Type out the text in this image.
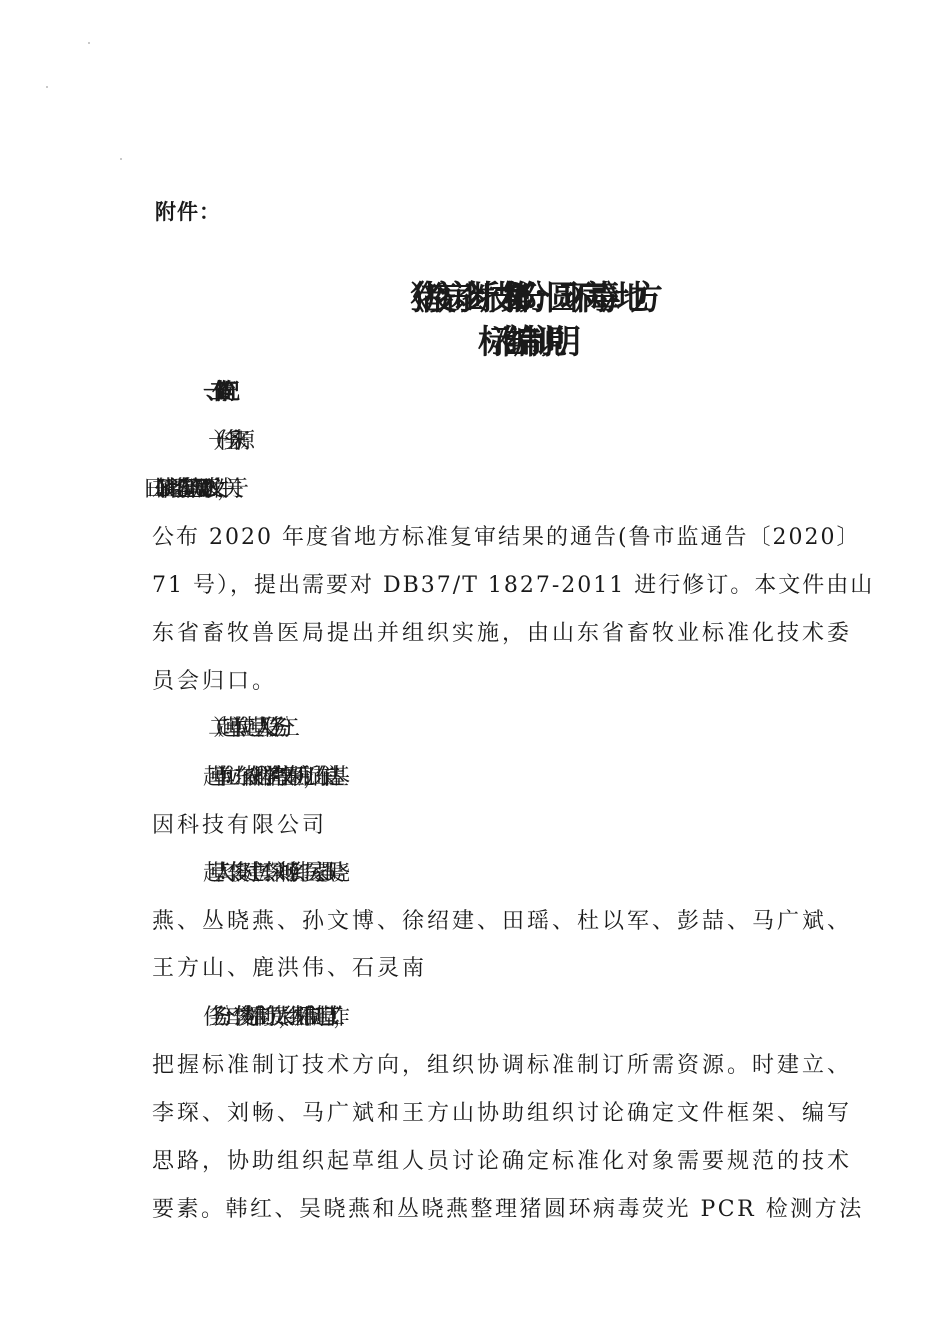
附件：
《猪疫病诊断技术 第 1 部分：圆环病毒》地方
标准编制说明
一、工作简况
（一）任务来源
2020 年 8 月 31 日山东省市场监督管理局下发文件，关于
公布 2020 年度省地方标准复审结果的通告(鲁市监通告〔2020〕
71 号），提出需要对 DB37/T 1827-2011 进行修订。本文件由山
东省畜牧兽医局提出并组织实施，由山东省畜牧业标准化技术委
员会归口。
（二）起草单位、起草人及任务分工
起草单位：山东省农业科学院畜牧兽医研究所，山东信达基
因科技有限公司
起草人：李俊、时建立、李琛、刘畅、韩红、吴家强、吴晓
燕、丛晓燕、孙文博、徐绍建、田瑶、杜以军、彭喆、马广斌、
王方山、鹿洪伟、石灵南
任务分工：李俊为标准制订负责人，组织标准制订起草工作，
把握标准制订技术方向，组织协调标准制订所需资源。时建立、
李琛、刘畅、马广斌和王方山协助组织讨论确定文件框架、编写
思路，协助组织起草组人员讨论确定标准化对象需要规范的技术
要素。韩红、吴晓燕和丛晓燕整理猪圆环病毒荧光 PCR 检测方法
